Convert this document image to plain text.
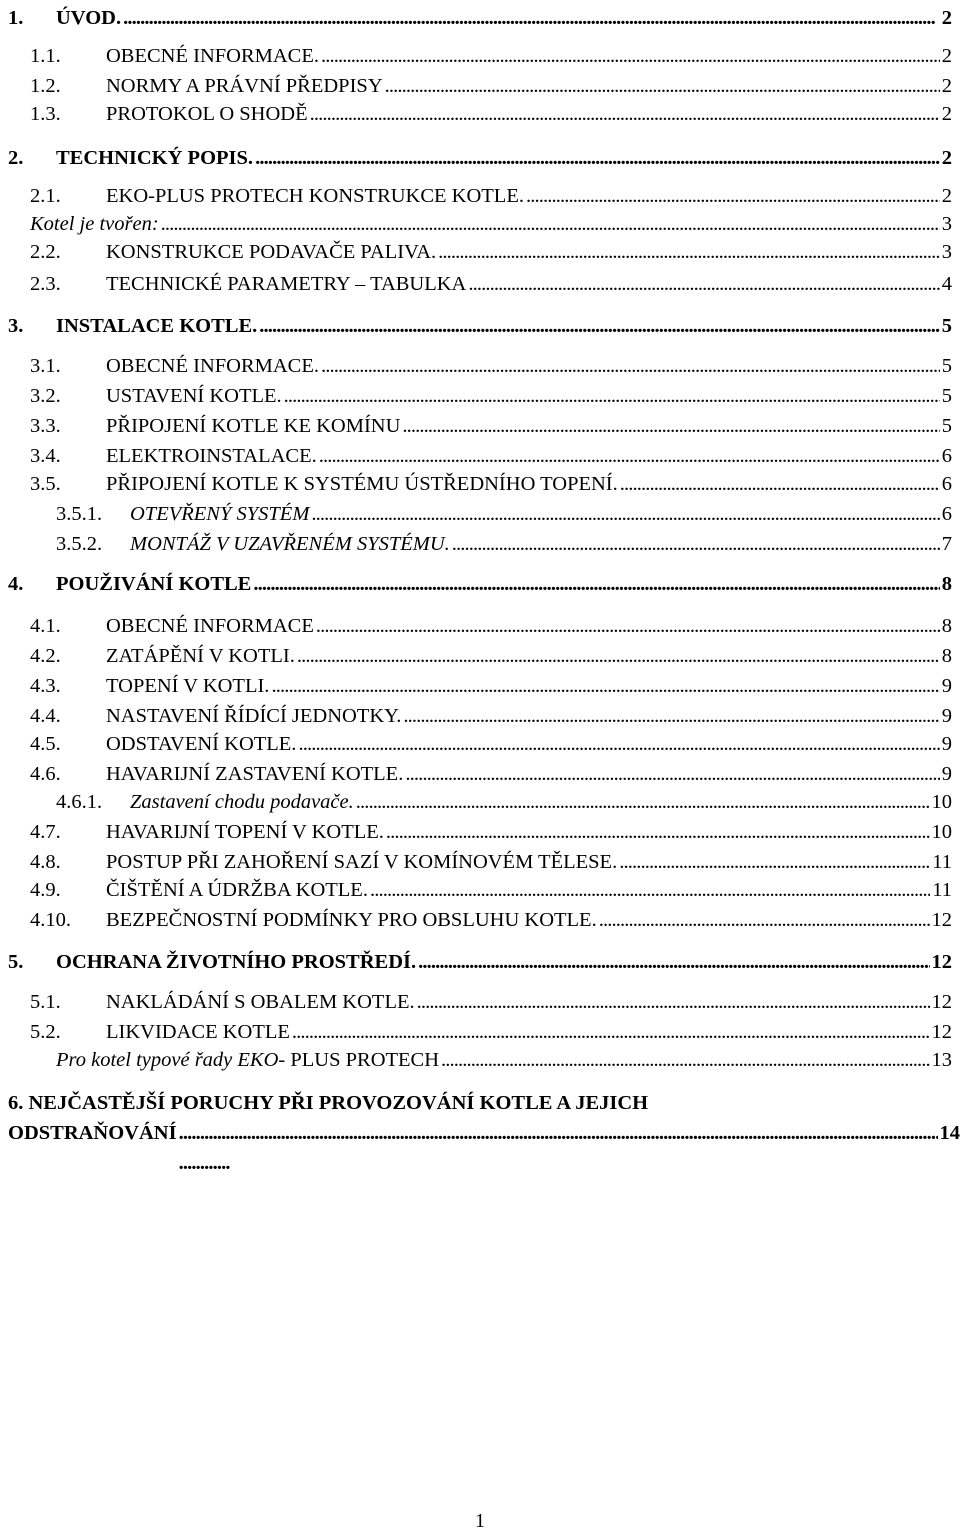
1.	ÚVOD. . . .	2
1.1.	OBECNÉ INFORMACE. . . .	2
1.2.	NORMY A PRÁVNÍ PŘEDPISY . . .	2
1.3.	PROTOKOL O SHODĚ . . .	2
2.	TECHNICKÝ POPIS. . . .	2
2.1.	EKO-PLUS PROTECH KONSTRUKCE KOTLE. . . .	2
Kotel je tvořen: . . .	3
2.2.	KONSTRUKCE PODAVAČE PALIVA. . . .	3
2.3.	TECHNICKÉ PARAMETRY – TABULKA . . .	4
3.	INSTALACE KOTLE. . . .	5
3.1.	OBECNÉ INFORMACE. . . .	5
3.2.	USTAVENÍ KOTLE. . . .	5
3.3.	PŘIPOJENÍ KOTLE KE KOMÍNU . . .	5
3.4.	ELEKTROINSTALACE. . . .	6
3.5.	PŘIPOJENÍ KOTLE K SYSTÉMU ÚSTŘEDNÍHO TOPENÍ. . . .	6
3.5.1.	OTEVŘENÝ SYSTÉM . . .	6
3.5.2.	MONTÁŽ V UZAVŘENÉM SYSTÉMU. . . .	7
4.	POUŽIVÁNÍ KOTLE . . .	8
4.1.	OBECNÉ INFORMACE . . .	8
4.2.	ZATÁPĚNÍ V KOTLI. . . .	8
4.3.	TOPENÍ V KOTLI. . . .	9
4.4.	NASTAVENÍ ŘÍDÍCÍ JEDNOTKY. . . .	9
4.5.	ODSTAVENÍ KOTLE. . . .	9
4.6.	HAVARIJNÍ ZASTAVENÍ KOTLE. . . .	9
4.6.1.	Zastavení chodu podavače. . . .	10
4.7.	HAVARIJNÍ TOPENÍ V KOTLE. . . .	10
4.8.	POSTUP PŘI ZAHOŘENÍ SAZÍ V KOMÍNOVÉM TĚLESE. . . .	11
4.9.	ČIŠTĚNÍ A ÚDRŽBA KOTLE. . . .	11
4.10.	BEZPEČNOSTNÍ PODMÍNKY PRO OBSLUHU KOTLE. . . .	12
5.	OCHRANA ŽIVOTNÍHO PROSTŘEDÍ. . . .	12
5.1.	NAKLÁDÁNÍ S OBALEM KOTLE. . . .	12
5.2.	LIKVIDACE KOTLE . . .	12
Pro kotel typové řady EKO- PLUS PROTECH . . .	13
6. NEJČASTĚJŠÍ PORUCHY PŘI PROVOZOVÁNÍ KOTLE A JEJICH
ODSTRAŇOVÁNÍ . . .	14
1
